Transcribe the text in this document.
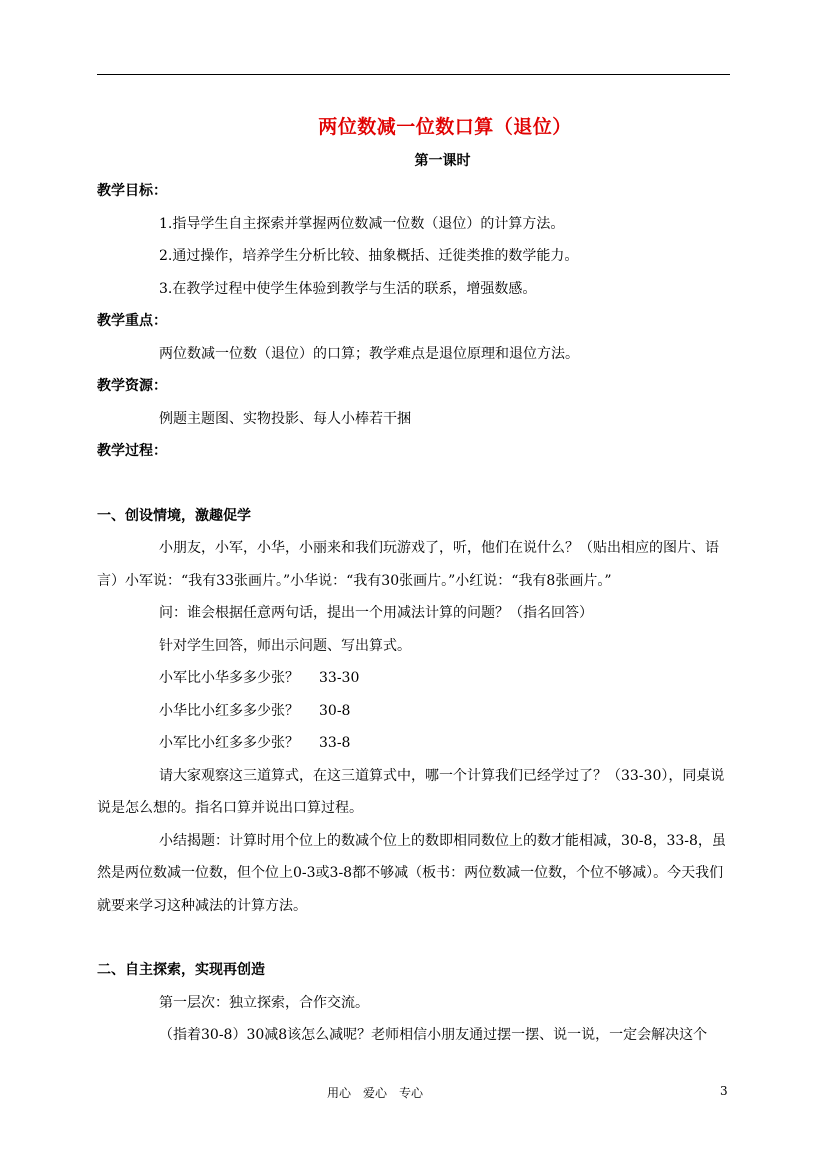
两位数减一位数口算（退位）
第一课时
教学目标：
1.指导学生自主探索并掌握两位数减一位数（退位）的计算方法。
2.通过操作，培养学生分析比较、抽象概括、迁徙类推的数学能力。
3.在教学过程中使学生体验到教学与生活的联系，增强数感。
教学重点：
两位数减一位数（退位）的口算；教学难点是退位原理和退位方法。
教学资源：
例题主题图、实物投影、每人小棒若干捆
教学过程：
一、创设情境，激趣促学
小朋友，小军，小华，小丽来和我们玩游戏了，听，他们在说什么？（贴出相应的图片、语言）小军说：“我有33张画片。”小华说：“我有30张画片。”小红说：“我有8张画片。”
问：谁会根据任意两句话，提出一个用减法计算的问题？（指名回答）
针对学生回答，师出示问题、写出算式。
小军比小华多多少张？ 33-30
小华比小红多多少张？ 30-8
小军比小红多多少张？ 33-8
请大家观察这三道算式，在这三道算式中，哪一个计算我们已经学过了？（33-30），同桌说说是怎么想的。指名口算并说出口算过程。
小结揭题：计算时用个位上的数减个位上的数即相同数位上的数才能相减，30-8，33-8，虽然是两位数减一位数，但个位上0-3或3-8都不够减（板书：两位数减一位数，个位不够减）。今天我们就要来学习这种减法的计算方法。
二、自主探索，实现再创造
第一层次：独立探索，合作交流。
（指着30-8）30减8该怎么减呢？老师相信小朋友通过摆一摆、说一说，一定会解决这个
用心　爱心　专心	3
